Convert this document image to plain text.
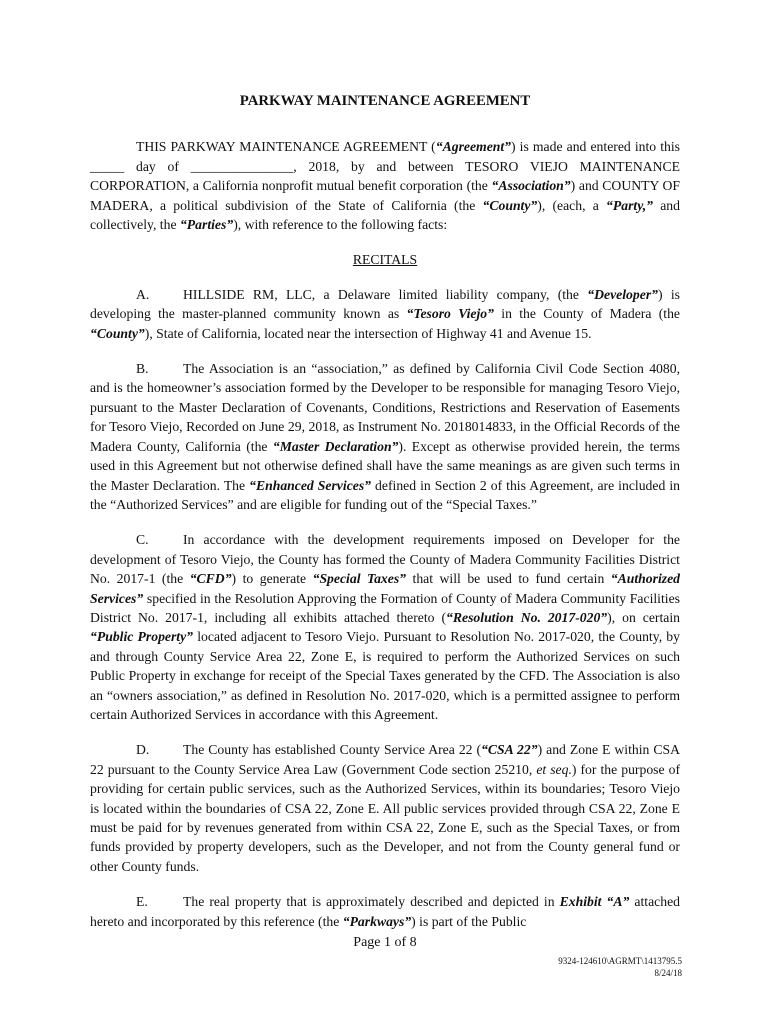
PARKWAY MAINTENANCE AGREEMENT

THIS PARKWAY MAINTENANCE AGREEMENT (“Agreement”) is made and entered into this _____ day of _______________, 2018, by and between TESORO VIEJO MAINTENANCE CORPORATION, a California nonprofit mutual benefit corporation (the “Association”) and COUNTY OF MADERA, a political subdivision of the State of California (the “County”), (each, a “Party,” and collectively, the “Parties”), with reference to the following facts:

RECITALS

A. HILLSIDE RM, LLC, a Delaware limited liability company, (the “Developer”) is developing the master-planned community known as “Tesoro Viejo” in the County of Madera (the “County”), State of California, located near the intersection of Highway 41 and Avenue 15.

B.	The Association is an “association,” as defined by California Civil Code Section 4080, and is the homeowner’s association formed by the Developer to be responsible for managing Tesoro Viejo, pursuant to the Master Declaration of Covenants, Conditions, Restrictions and Reservation of Easements for Tesoro Viejo, Recorded on June 29, 2018, as Instrument No. 2018014833, in the Official Records of the Madera County, California (the “Master Declaration”). Except as otherwise provided herein, the terms used in this Agreement but not otherwise defined shall have the same meanings as are given such terms in the Master Declaration. The “Enhanced Services” defined in Section 2 of this Agreement, are included in the “Authorized Services” and are eligible for funding out of the “Special Taxes.”

C.	In accordance with the development requirements imposed on Developer for the development of Tesoro Viejo, the County has formed the County of Madera Community Facilities District No. 2017-1 (the “CFD”) to generate “Special Taxes” that will be used to fund certain “Authorized Services” specified in the Resolution Approving the Formation of County of Madera Community Facilities District No. 2017-1, including all exhibits attached thereto (“Resolution No. 2017-020”), on certain “Public Property” located adjacent to Tesoro Viejo. Pursuant to Resolution No. 2017-020, the County, by and through County Service Area 22, Zone E, is required to perform the Authorized Services on such Public Property in exchange for receipt of the Special Taxes generated by the CFD. The Association is also an “owners association,” as defined in Resolution No. 2017-020, which is a permitted assignee to perform certain Authorized Services in accordance with this Agreement.

D. The County has established County Service Area 22 (“CSA 22”) and Zone E within CSA 22 pursuant to the County Service Area Law (Government Code section 25210, et seq.) for the purpose of providing for certain public services, such as the Authorized Services, within its boundaries; Tesoro Viejo is located within the boundaries of CSA 22, Zone E. All public services provided through CSA 22, Zone E must be paid for by revenues generated from within CSA 22, Zone E, such as the Special Taxes, or from funds provided by property developers, such as the Developer, and not from the County general fund or other County funds.

E.	The real property that is approximately described and depicted in Exhibit “A” attached hereto and incorporated by this reference (the “Parkways”) is part of the Public

Page 1 of 8
9324-124610\AGRMT\1413795.5
8/24/18
